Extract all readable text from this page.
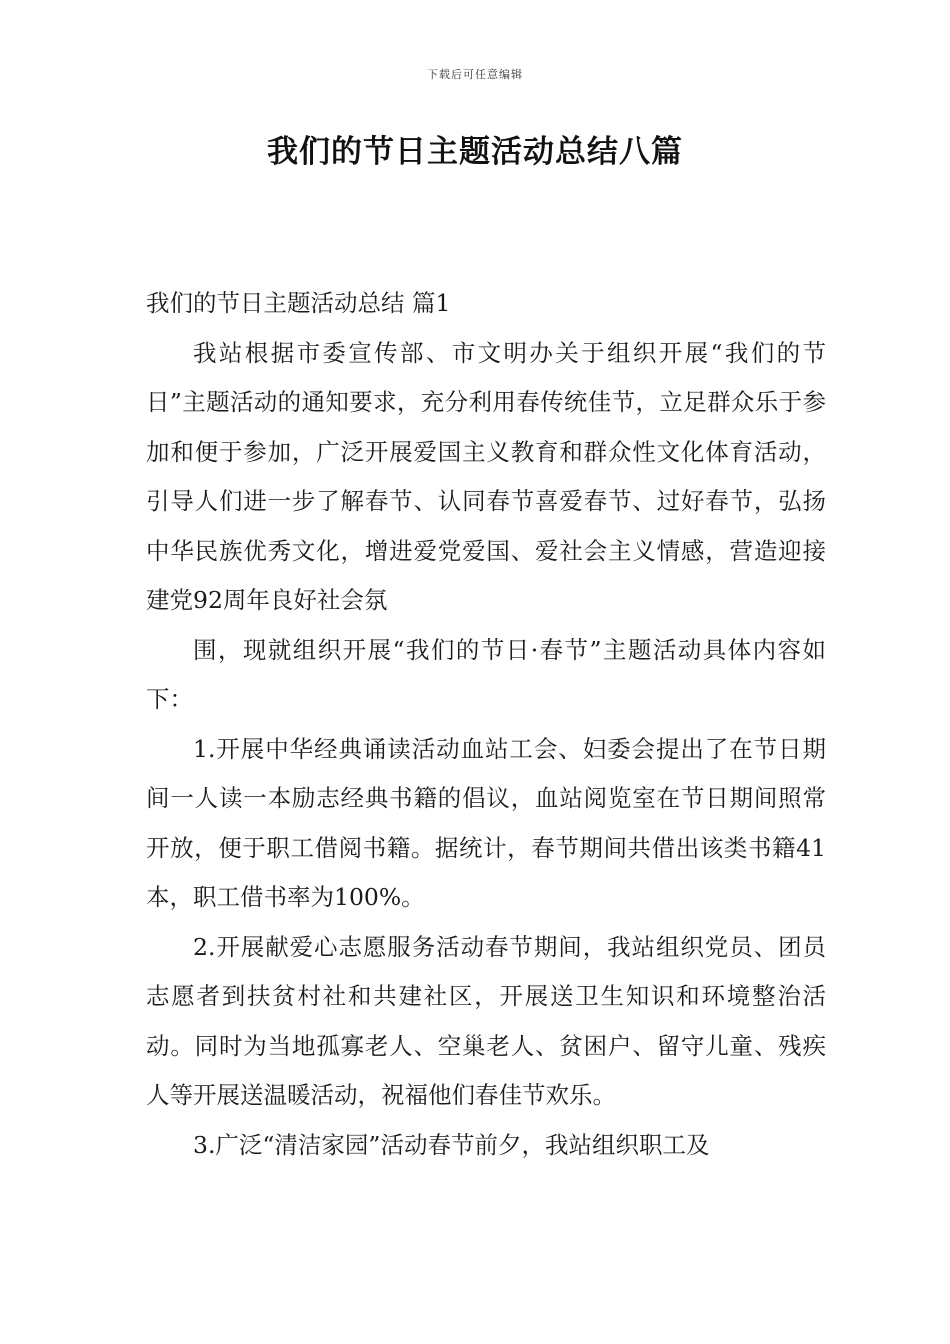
下载后可任意编辑
我们的节日主题活动总结八篇

我们的节日主题活动总结 篇1

我站根据市委宣传部、市文明办关于组织开展“我们的节日”主题活动的通知要求，充分利用春传统佳节，立足群众乐于参加和便于参加，广泛开展爱国主义教育和群众性文化体育活动，引导人们进一步了解春节、认同春节喜爱春节、过好春节，弘扬中华民族优秀文化，增进爱党爱国、爱社会主义情感，营造迎接建党92周年良好社会氛

围，现就组织开展“我们的节日·春节”主题活动具体内容如下：

1.开展中华经典诵读活动血站工会、妇委会提出了在节日期间一人读一本励志经典书籍的倡议，血站阅览室在节日期间照常开放，便于职工借阅书籍。据统计，春节期间共借出该类书籍41本，职工借书率为100%。

2.开展献爱心志愿服务活动春节期间，我站组织党员、团员志愿者到扶贫村社和共建社区，开展送卫生知识和环境整治活动。同时为当地孤寡老人、空巢老人、贫困户、留守儿童、残疾人等开展送温暖活动，祝福他们春佳节欢乐。

3.广泛“清洁家园”活动春节前夕，我站组织职工及
